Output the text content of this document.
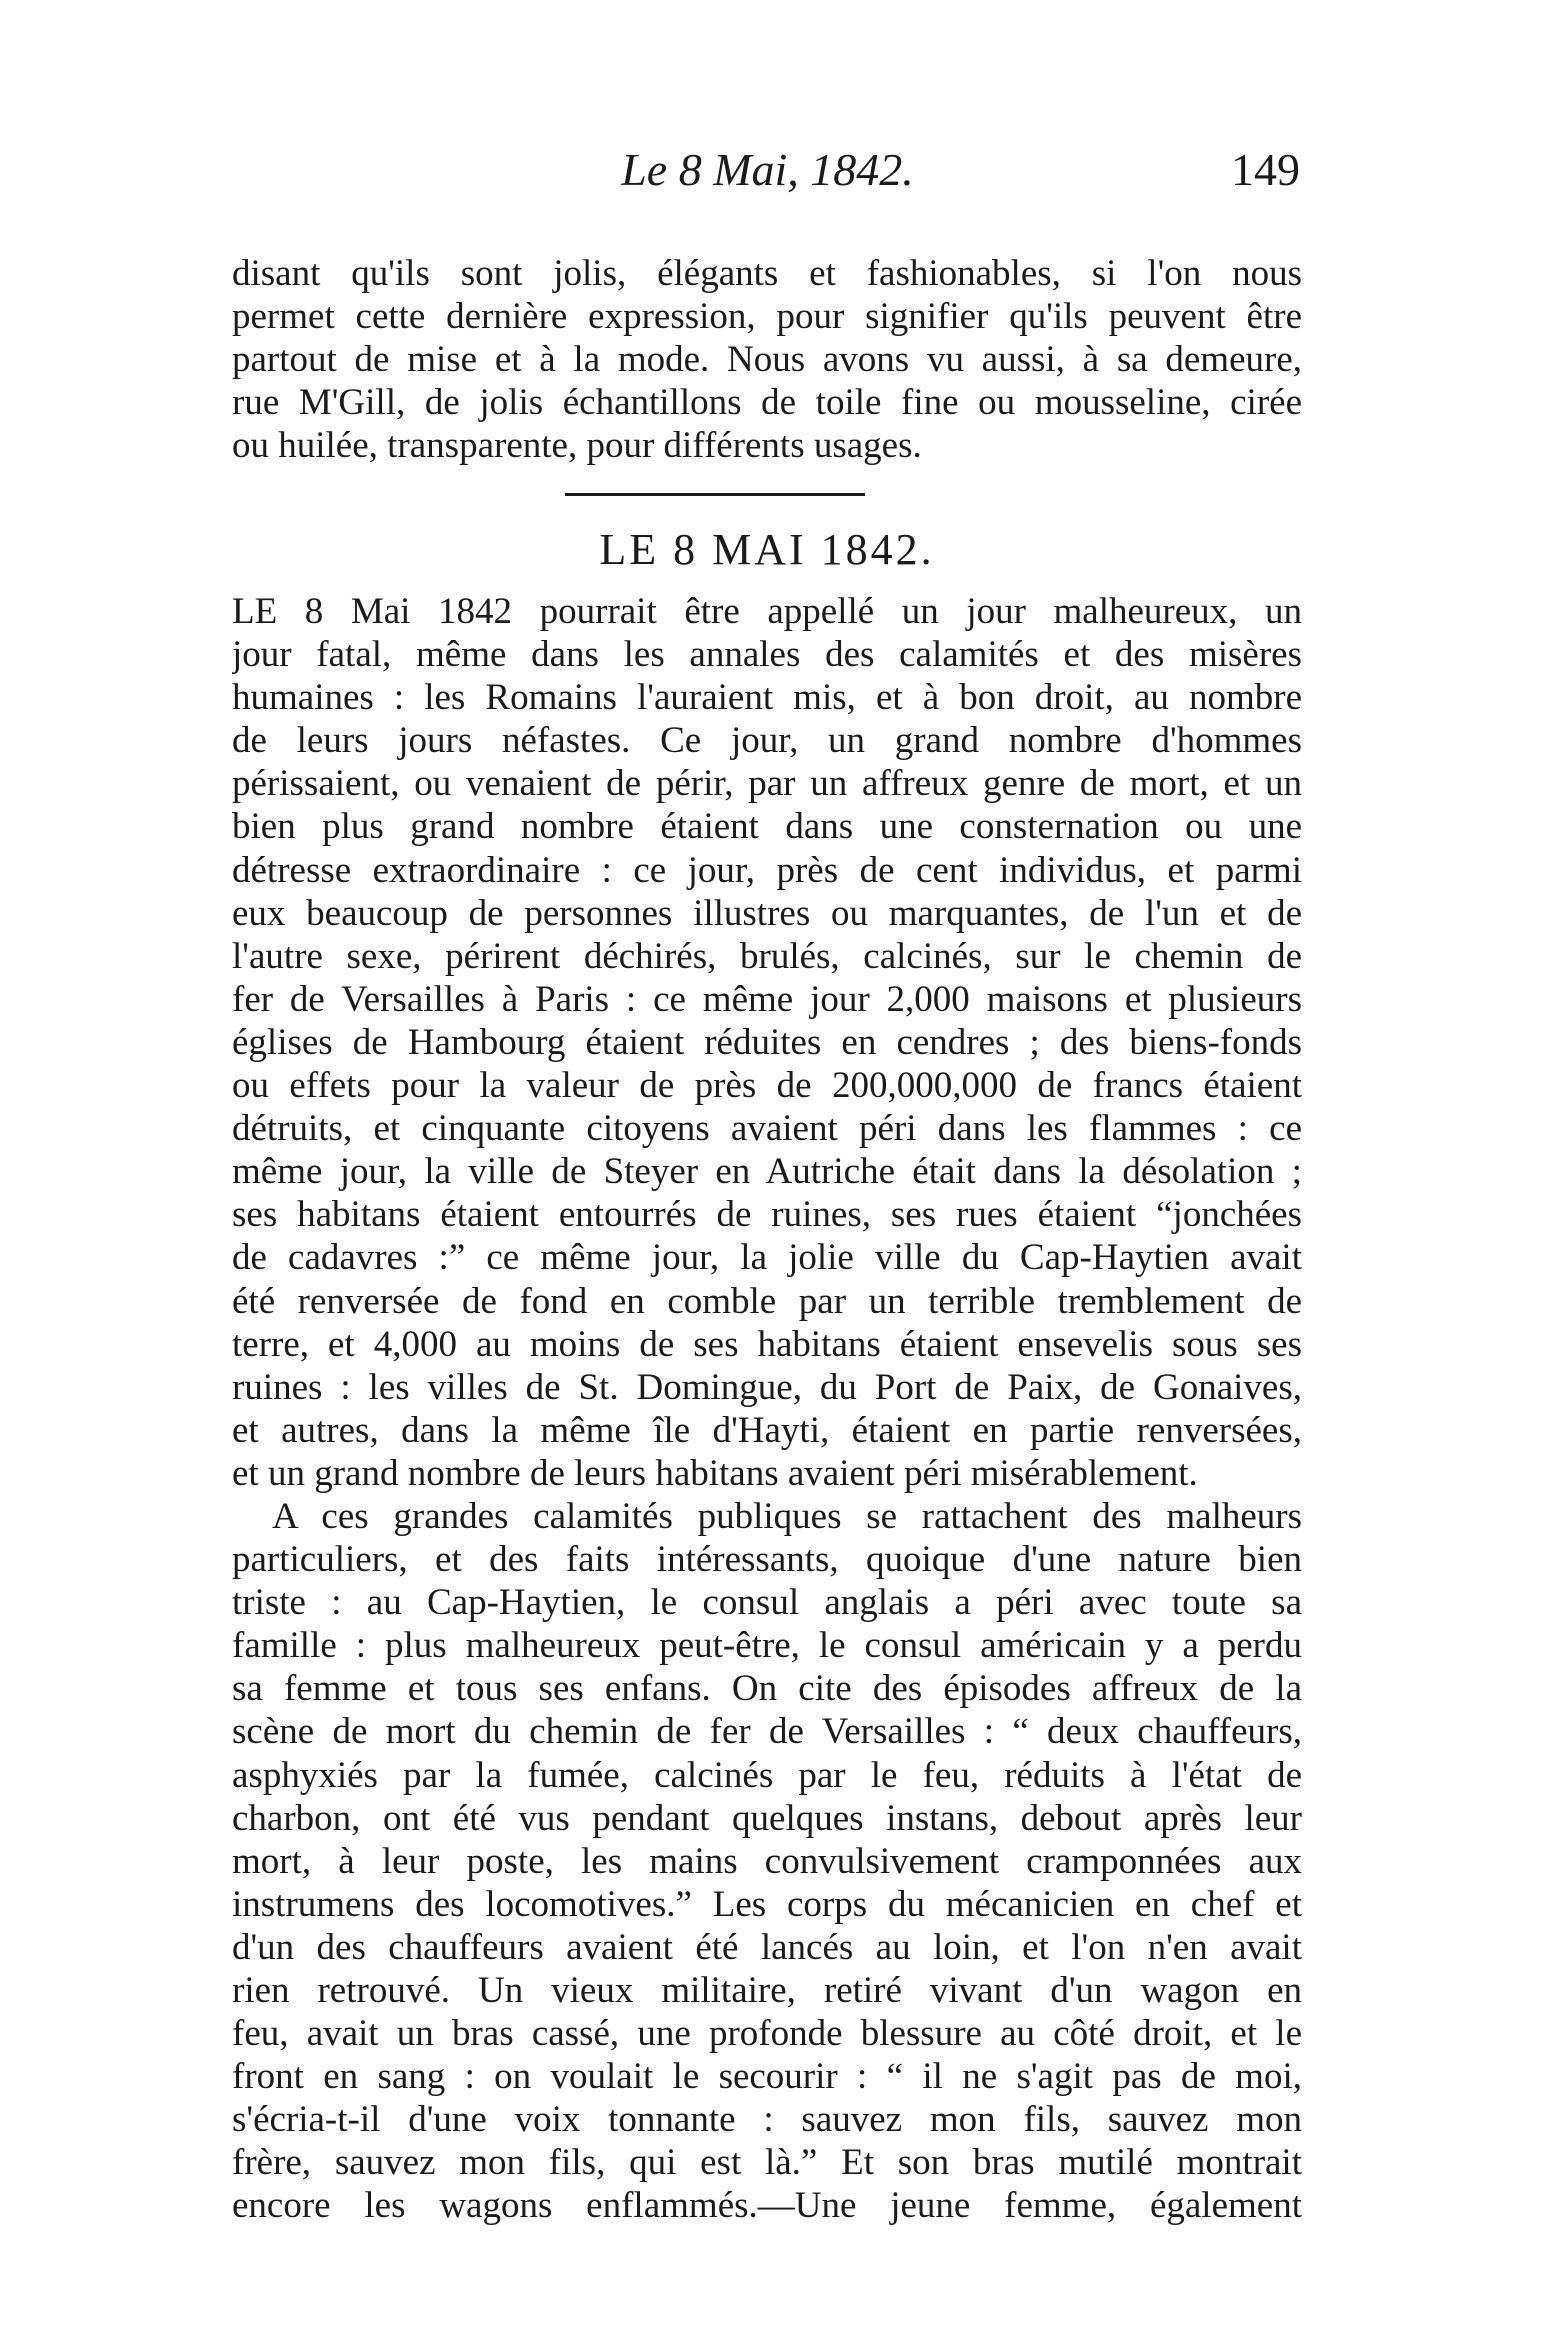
Le 8 Mai, 1842.	149
disant qu'ils sont jolis, élégants et fashionables, si l'on nous
permet cette dernière expression, pour signifier qu'ils peuvent être
partout de mise et à la mode. Nous avons vu aussi, à sa demeure,
rue M'Gill, de jolis échantillons de toile fine ou mousseline, cirée
ou huilée, transparente, pour différents usages.
LE 8 MAI 1842.
LE 8 Mai 1842 pourrait être appellé un jour malheureux, un
jour fatal, même dans les annales des calamités et des misères
humaines : les Romains l'auraient mis, et à bon droit, au nombre
de leurs jours néfastes. Ce jour, un grand nombre d'hommes
périssaient, ou venaient de périr, par un affreux genre de mort, et un
bien plus grand nombre étaient dans une consternation ou une
détresse extraordinaire : ce jour, près de cent individus, et parmi
eux beaucoup de personnes illustres ou marquantes, de l'un et de
l'autre sexe, périrent déchirés, brulés, calcinés, sur le chemin de
fer de Versailles à Paris : ce même jour 2,000 maisons et plusieurs
églises de Hambourg étaient réduites en cendres ; des biens-fonds
ou effets pour la valeur de près de 200,000,000 de francs étaient
détruits, et cinquante citoyens avaient péri dans les flammes : ce
même jour, la ville de Steyer en Autriche était dans la désolation ;
ses habitans étaient entourrés de ruines, ses rues étaient “jonchées
de cadavres :” ce même jour, la jolie ville du Cap-Haytien avait
été renversée de fond en comble par un terrible tremblement de
terre, et 4,000 au moins de ses habitans étaient ensevelis sous ses
ruines : les villes de St. Domingue, du Port de Paix, de Gonaives,
et autres, dans la même île d'Hayti, étaient en partie renversées,
et un grand nombre de leurs habitans avaient péri misérablement.
A ces grandes calamités publiques se rattachent des malheurs
particuliers, et des faits intéressants, quoique d'une nature bien
triste : au Cap-Haytien, le consul anglais a péri avec toute sa
famille : plus malheureux peut-être, le consul américain y a perdu
sa femme et tous ses enfans. On cite des épisodes affreux de la
scène de mort du chemin de fer de Versailles : “ deux chauffeurs,
asphyxiés par la fumée, calcinés par le feu, réduits à l'état de
charbon, ont été vus pendant quelques instans, debout après leur
mort, à leur poste, les mains convulsivement cramponnées aux
instrumens des locomotives.” Les corps du mécanicien en chef et
d'un des chauffeurs avaient été lancés au loin, et l'on n'en avait
rien retrouvé. Un vieux militaire, retiré vivant d'un wagon en
feu, avait un bras cassé, une profonde blessure au côté droit, et le
front en sang : on voulait le secourir : “ il ne s'agit pas de moi,
s'écria-t-il d'une voix tonnante : sauvez mon fils, sauvez mon
frère, sauvez mon fils, qui est là.” Et son bras mutilé montrait
encore les wagons enflammés.—Une jeune femme, également
